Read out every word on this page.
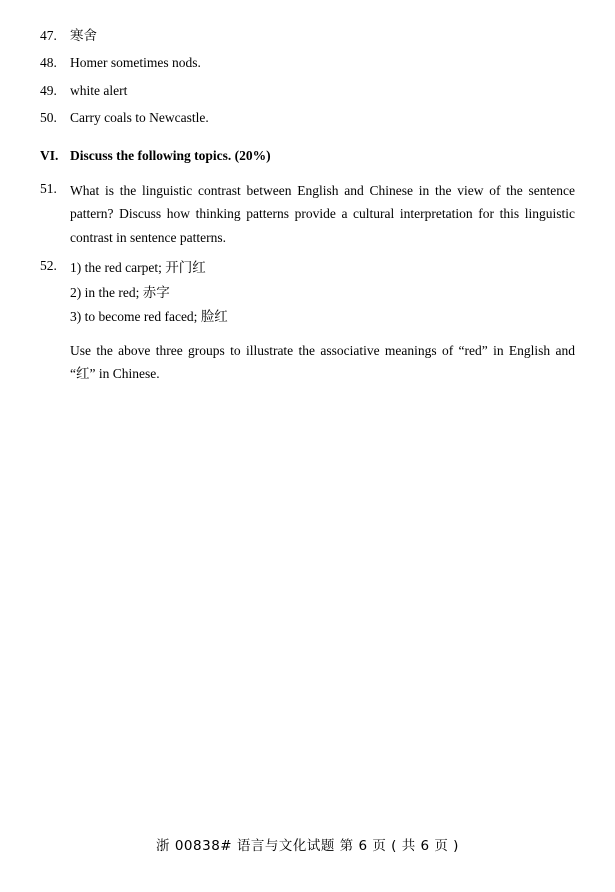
47. 寒舍
48. Homer sometimes nods.
49. white alert
50. Carry coals to Newcastle.
VI. Discuss the following topics. (20%)
51. What is the linguistic contrast between English and Chinese in the view of the sentence pattern? Discuss how thinking patterns provide a cultural interpretation for this linguistic contrast in sentence patterns.
52. 1) the red carpet; 开门红
2) in the red; 赤字
3) to become red faced; 脸红
Use the above three groups to illustrate the associative meanings of “red” in English and “红” in Chinese.
浙 00838# 语言与文化试题 第 6 页 ( 共 6 页 )
